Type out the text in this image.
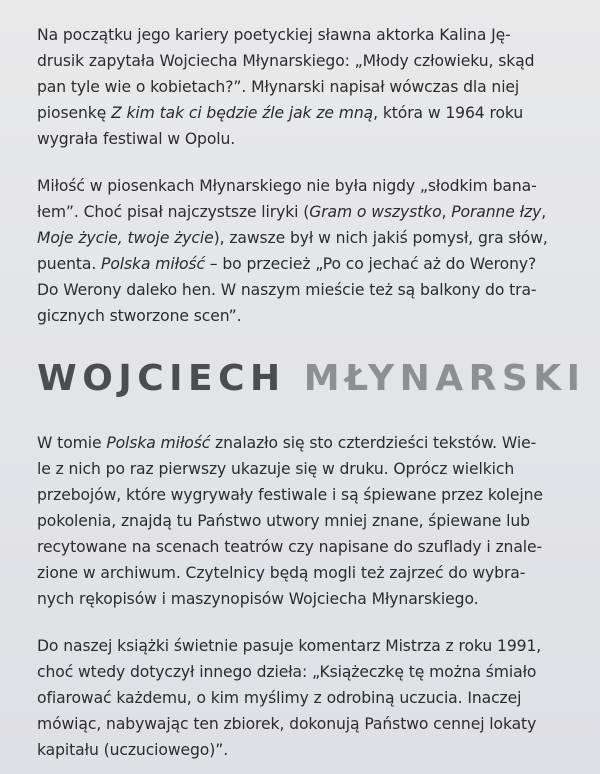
Na początku jego kariery poetyckiej sławna aktorka Kalina Ję-
drusik zapytała Wojciecha Młynarskiego: „Młody człowieku, skąd
pan tyle wie o kobietach?”. Młynarski napisał wówczas dla niej
piosenkę Z kim tak ci będzie źle jak ze mną, która w 1964 roku
wygrała festiwal w Opolu.

Miłość w piosenkach Młynarskiego nie była nigdy „słodkim bana-
łem”. Choć pisał najczystsze liryki (Gram o wszystko, Poranne łzy,
Moje życie, twoje życie), zawsze był w nich jakiś pomysł, gra słów,
puenta. Polska miłość – bo przecież „Po co jechać aż do Werony?
Do Werony daleko hen. W naszym mieście też są balkony do tra-
gicznych stworzone scen”.

WOJCIECH MŁYNARSKI

W tomie Polska miłość znalazło się sto czterdzieści tekstów. Wie-
le z nich po raz pierwszy ukazuje się w druku. Oprócz wielkich
przebojów, które wygrywały festiwale i są śpiewane przez kolejne
pokolenia, znajdą tu Państwo utwory mniej znane, śpiewane lub
recytowane na scenach teatrów czy napisane do szuflady i znale-
zione w archiwum. Czytelnicy będą mogli też zajrzeć do wybra-
nych rękopisów i maszynopisów Wojciecha Młynarskiego.

Do naszej książki świetnie pasuje komentarz Mistrza z roku 1991,
choć wtedy dotyczył innego dzieła: „Książeczkę tę można śmiało
ofiarować każdemu, o kim myślimy z odrobiną uczucia. Inaczej
mówiąc, nabywając ten zbiorek, dokonują Państwo cennej lokaty
kapitału (uczuciowego)”.
